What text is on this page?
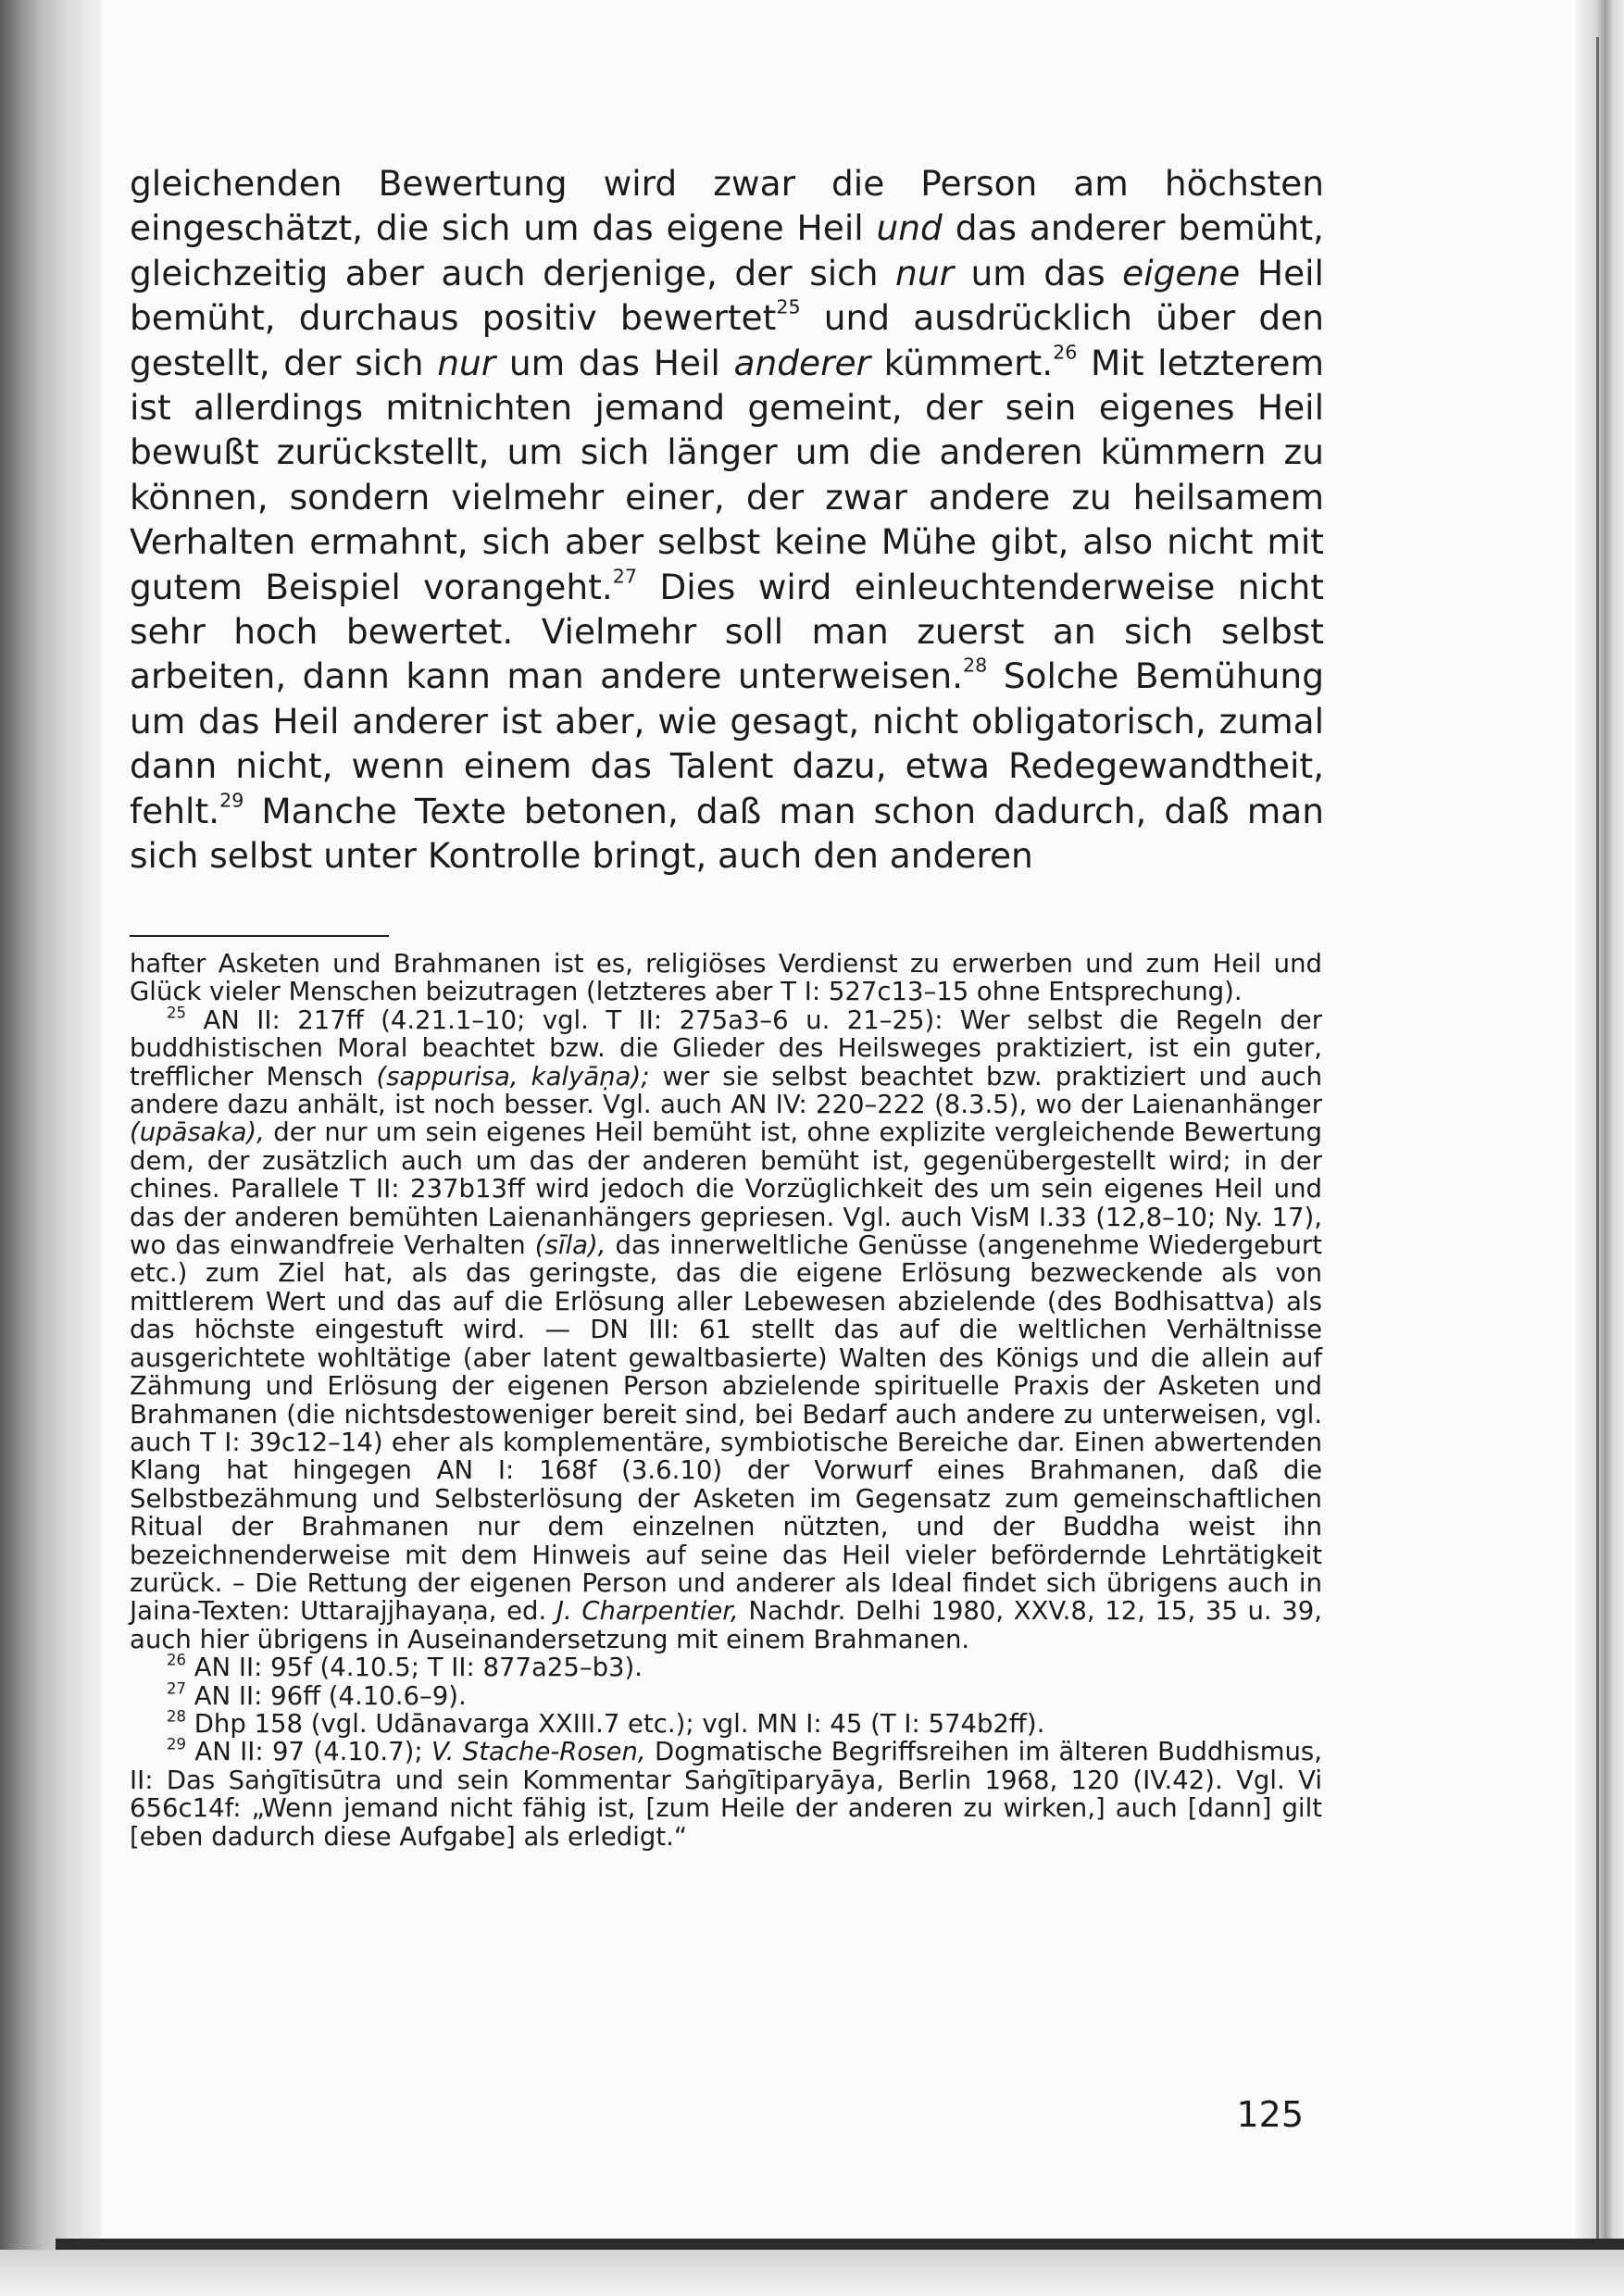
gleichenden Bewertung wird zwar die Person am höchsten eingeschätzt, die sich um das eigene Heil und das anderer bemüht, gleichzeitig aber auch derjenige, der sich nur um das eigene Heil bemüht, durchaus positiv bewertet$^{25}$ und ausdrücklich über den gestellt, der sich nur um das Heil anderer kümmert.$^{26}$ Mit letzterem ist allerdings mitnichten jemand gemeint, der sein eigenes Heil bewußt zurückstellt, um sich länger um die anderen kümmern zu können, sondern vielmehr einer, der zwar andere zu heilsamem Verhalten ermahnt, sich aber selbst keine Mühe gibt, also nicht mit gutem Beispiel vorangeht.$^{27}$ Dies wird einleuchtenderweise nicht sehr hoch bewertet. Vielmehr soll man zuerst an sich selbst arbeiten, dann kann man andere unterweisen.$^{28}$ Solche Bemühung um das Heil anderer ist aber, wie gesagt, nicht obligatorisch, zumal dann nicht, wenn einem das Talent dazu, etwa Redegewandtheit, fehlt.$^{29}$ Manche Texte betonen, daß man schon dadurch, daß man sich selbst unter Kontrolle bringt, auch den anderen

hafter Asketen und Brahmanen ist es, religiöses Verdienst zu erwerben und zum Heil und Glück vieler Menschen beizutragen (letzteres aber T I: 527c13–15 ohne Entsprechung).

$^{25}$ AN II: 217ff (4.21.1–10; vgl. T II: 275a3–6 u. 21–25): Wer selbst die Regeln der buddhistischen Moral beachtet bzw. die Glieder des Heilsweges praktiziert, ist ein guter, trefflicher Mensch (sappurisa, kalyāṇa); wer sie selbst beachtet bzw. praktiziert und auch andere dazu anhält, ist noch besser. Vgl. auch AN IV: 220–222 (8.3.5), wo der Laienanhänger (upāsaka), der nur um sein eigenes Heil bemüht ist, ohne explizite vergleichende Bewertung dem, der zusätzlich auch um das der anderen bemüht ist, gegenübergestellt wird; in der chines. Parallele T II: 237b13ff wird jedoch die Vorzüglichkeit des um sein eigenes Heil und das der anderen bemühten Laienanhängers gepriesen. Vgl. auch VisM I.33 (12,8–10; Ny. 17), wo das einwandfreie Verhalten (sīla), das innerweltliche Genüsse (angenehme Wiedergeburt etc.) zum Ziel hat, als das geringste, das die eigene Erlösung bezweckende als von mittlerem Wert und das auf die Erlösung aller Lebewesen abzielende (des Bodhisattva) als das höchste eingestuft wird. — DN III: 61 stellt das auf die weltlichen Verhältnisse ausgerichtete wohltätige (aber latent gewaltbasierte) Walten des Königs und die allein auf Zähmung und Erlösung der eigenen Person abzielende spirituelle Praxis der Asketen und Brahmanen (die nichtsdestoweniger bereit sind, bei Bedarf auch andere zu unterweisen, vgl. auch T I: 39c12–14) eher als komplementäre, symbiotische Bereiche dar. Einen abwertenden Klang hat hingegen AN I: 168f (3.6.10) der Vorwurf eines Brahmanen, daß die Selbstbezähmung und Selbsterlösung der Asketen im Gegensatz zum gemeinschaftlichen Ritual der Brahmanen nur dem einzelnen nützten, und der Buddha weist ihn bezeichnenderweise mit dem Hinweis auf seine das Heil vieler befördernde Lehrtätigkeit zurück. – Die Rettung der eigenen Person und anderer als Ideal findet sich übrigens auch in Jaina-Texten: Uttarajjhayaṇa, ed. J. Charpentier, Nachdr. Delhi 1980, XXV.8, 12, 15, 35 u. 39, auch hier übrigens in Auseinandersetzung mit einem Brahmanen.

$^{26}$ AN II: 95f (4.10.5; T II: 877a25–b3).

$^{27}$ AN II: 96ff (4.10.6–9).

$^{28}$ Dhp 158 (vgl. Udānavarga XXIII.7 etc.); vgl. MN I: 45 (T I: 574b2ff).

$^{29}$ AN II: 97 (4.10.7); V. Stache-Rosen, Dogmatische Begriffsreihen im älteren Buddhismus, II: Das Saṅgītisūtra und sein Kommentar Saṅgītiparyāya, Berlin 1968, 120 (IV.42). Vgl. Vi 656c14f: „Wenn jemand nicht fähig ist, [zum Heile der anderen zu wirken,] auch [dann] gilt [eben dadurch diese Aufgabe] als erledigt.“

125
